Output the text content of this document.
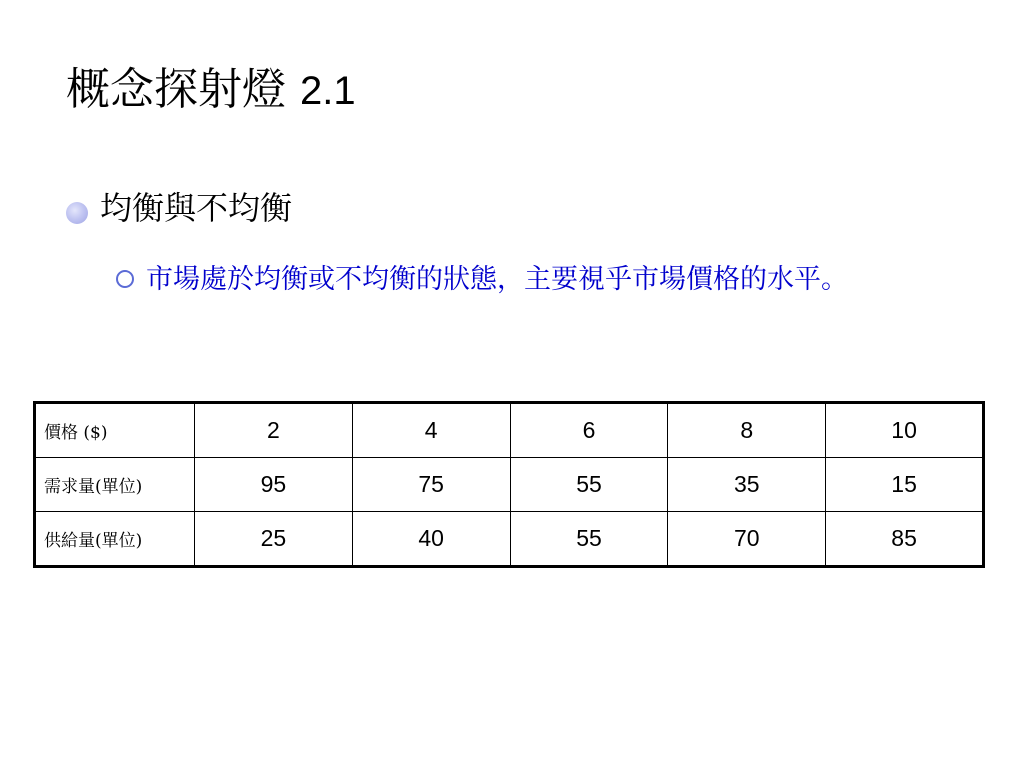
概念探射燈 2.1
均衡與不均衡
市場處於均衡或不均衡的狀態，主要視乎市場價格的水平。
價格 ($)	2	4	6	8	10
需求量(單位)	95	75	55	35	15
供給量(單位)	25	40	55	70	85
